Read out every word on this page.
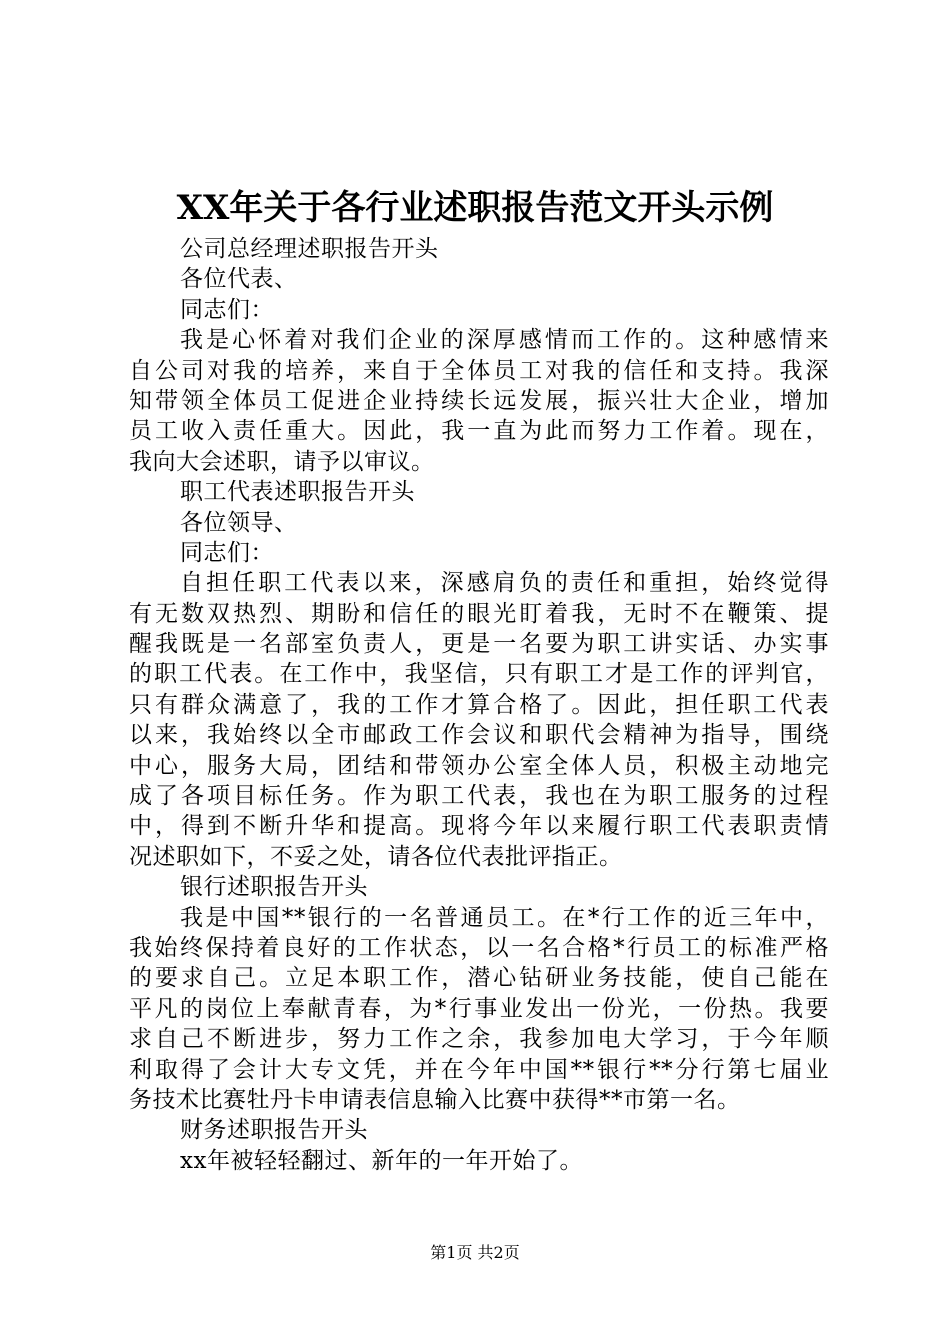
XX年关于各行业述职报告范文开头示例
公司总经理述职报告开头
各位代表、
同志们：
我是心怀着对我们企业的深厚感情而工作的。这种感情来
自公司对我的培养，来自于全体员工对我的信任和支持。我深
知带领全体员工促进企业持续长远发展，振兴壮大企业，增加
员工收入责任重大。因此，我一直为此而努力工作着。现在，
我向大会述职，请予以审议。
职工代表述职报告开头
各位领导、
同志们：
自担任职工代表以来，深感肩负的责任和重担，始终觉得
有无数双热烈、期盼和信任的眼光盯着我，无时不在鞭策、提
醒我既是一名部室负责人，更是一名要为职工讲实话、办实事
的职工代表。在工作中，我坚信，只有职工才是工作的评判官，
只有群众满意了，我的工作才算合格了。因此，担任职工代表
以来，我始终以全市邮政工作会议和职代会精神为指导，围绕
中心，服务大局，团结和带领办公室全体人员，积极主动地完
成了各项目标任务。作为职工代表，我也在为职工服务的过程
中，得到不断升华和提高。现将今年以来履行职工代表职责情
况述职如下，不妥之处，请各位代表批评指正。
银行述职报告开头
我是中国**银行的一名普通员工。在*行工作的近三年中，
我始终保持着良好的工作状态，以一名合格*行员工的标准严格
的要求自己。立足本职工作，潜心钻研业务技能，使自己能在
平凡的岗位上奉献青春，为*行事业发出一份光，一份热。我要
求自己不断进步，努力工作之余，我参加电大学习，于今年顺
利取得了会计大专文凭，并在今年中国**银行**分行第七届业
务技术比赛牡丹卡申请表信息输入比赛中获得**市第一名。
财务述职报告开头
xx年被轻轻翻过、新年的一年开始了。
第1页 共2页
